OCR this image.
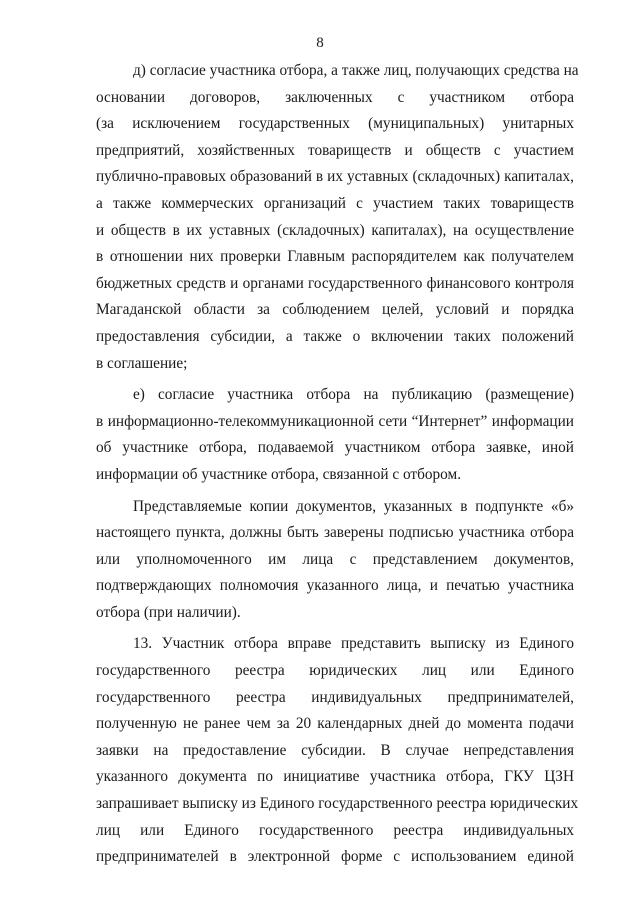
8
д) согласие участника отбора, а также лиц, получающих средства на
основании договоров, заключенных с участником отбора
(за исключением государственных (муниципальных) унитарных
предприятий, хозяйственных товариществ и обществ с участием
публично-правовых образований в их уставных (складочных) капиталах,
а также коммерческих организаций с участием таких товариществ
и обществ в их уставных (складочных) капиталах), на осуществление
в отношении них проверки Главным распорядителем как получателем
бюджетных средств и органами государственного финансового контроля
Магаданской области за соблюдением целей, условий и порядка
предоставления субсидии, а также о включении таких положений
в соглашение;
е) согласие участника отбора на публикацию (размещение)
в информационно-телекоммуникационной сети “Интернет” информации
об участнике отбора, подаваемой участником отбора заявке, иной
информации об участнике отбора, связанной с отбором.
Представляемые копии документов, указанных в подпункте «б»
настоящего пункта, должны быть заверены подписью участника отбора
или уполномоченного им лица с представлением документов,
подтверждающих полномочия указанного лица, и печатью участника
отбора (при наличии).
13. Участник отбора вправе представить выписку из Единого
государственного реестра юридических лиц или Единого
государственного реестра индивидуальных предпринимателей,
полученную не ранее чем за 20 календарных дней до момента подачи
заявки на предоставление субсидии. В случае непредставления
указанного документа по инициативе участника отбора, ГКУ ЦЗН
запрашивает выписку из Единого государственного реестра юридических
лиц или Единого государственного реестра индивидуальных
предпринимателей в электронной форме с использованием единой
